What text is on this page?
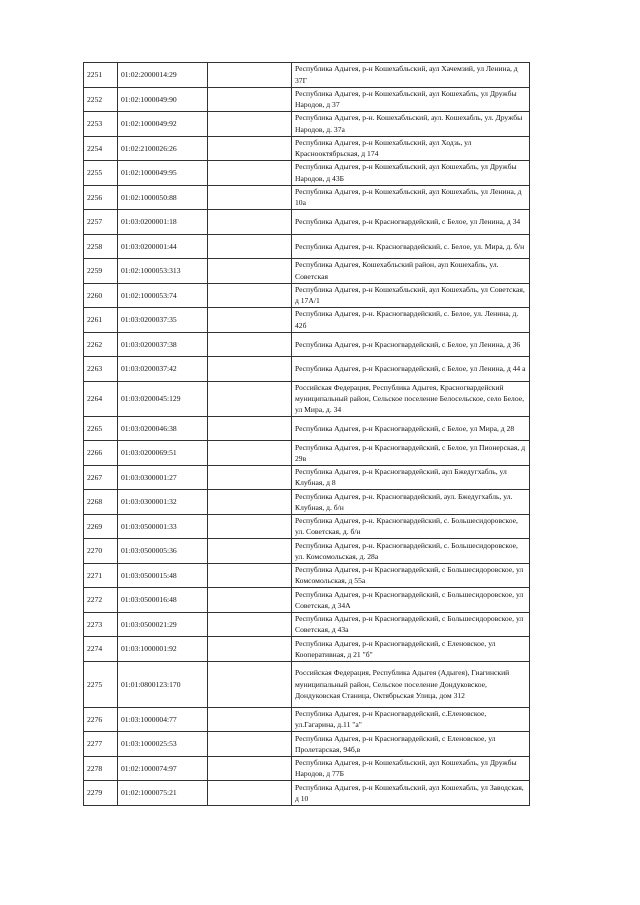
2251	01:02:2000014:29		Республика Адыгея, р-н Кошехабльский, аул Хачемзий, ул Ленина, д 37Г
2252	01:02:1000049:90		Республика Адыгея, р-н Кошехабльский, аул Кошехабль, ул Дружбы Народов, д 37
2253	01:02:1000049:92		Республика Адыгея, р-н. Кошехабльский, аул. Кошехабль, ул. Дружбы Народов, д. 37а
2254	01:02:2100026:26		Республика Адыгея, р-н Кошехабльский, аул Ходзь, ул Красноoктябрьская, д 174
2255	01:02:1000049:95		Республика Адыгея, р-н Кошехабльский, аул Кошехабль, ул Дружбы Народов, д 43Б
2256	01:02:1000050:88		Республика Адыгея, р-н Кошехабльский, аул Кошехабль, ул Ленина, д 10а
2257	01:03:0200001:18		Республика Адыгея, р-н Красногвардейский, с Белое, ул Ленина, д 34
2258	01:03:0200001:44		Республика Адыгея, р-н. Красногвардейский, с. Белое, ул. Мира, д. б/н
2259	01:02:1000053:313		Республика Адыгея, Кошехабльский район, аул Кошехабль, ул. Советская
2260	01:02:1000053:74		Республика Адыгея, р-н Кошехабльский, аул Кошехабль, ул Советская, д 17А/1
2261	01:03:0200037:35		Республика Адыгея, р-н. Красногвардейский, с. Белое, ул. Ленина, д. 42б
2262	01:03:0200037:38		Республика Адыгея, р-н Красногвардейский, с Белое, ул Ленина, д 36
2263	01:03:0200037:42		Республика Адыгея, р-н Красногвардейский, с Белое, ул Ленина, д 44 а
2264	01:03:0200045:129		Российская Федерация, Республика Адыгея, Красногвардейский муниципальный район, Сельское поселение Белосельское, село Белое, ул Мира, д. 34
2265	01:03:0200046:38		Республика Адыгея, р-н Красногвардейский, с Белое, ул Мира, д 28
2266	01:03:0200069:51		Республика Адыгея, р-н Красногвардейский, с Белое, ул Пионерская, д 29в
2267	01:03:0300001:27		Республика Адыгея, р-н Красногвардейский, аул Бжедугхабль, ул Клубная, д 8
2268	01:03:0300001:32		Республика Адыгея, р-н. Красногвардейский, аул. Бжедугхабль, ул. Клубная, д. б/н
2269	01:03:0500001:33		Республика Адыгея, р-н. Красногвардейский, с. Большесидоровское, ул. Советская, д. б/н
2270	01:03:0500005:36		Республика Адыгея, р-н. Красногвардейский, с. Большесидоровское, ул. Комсомольская, д. 28а
2271	01:03:0500015:48		Республика Адыгея, р-н Красногвардейский, с Большесидоровское, ул Комсомольская, д 55а
2272	01:03:0500016:48		Республика Адыгея, р-н Красногвардейский, с Большесидоровское, ул Советская, д 34А
2273	01:03:0500021:29		Республика Адыгея, р-н Красногвардейский, с Большесидоровское, ул Советская, д 43а
2274	01:03:1000001:92		Республика Адыгея, р-н Красногвардейский, с Еленовское, ул Кооперативная, д 21 "б"
2275	01:01:0800123:170		Российская Федерация, Республика Адыгея (Адыгея), Гиагинский муниципальный район, Сельское поселение Дондуковское, Дондуковская Станица, Октябрьская Улица, дом 312
2276	01:03:1000004:77		Республика Адыгея, р-н Красногвардейский, с.Еленовское, ул.Гагарина, д.11 "а"
2277	01:03:1000025:53		Республика Адыгея, р-н Красногвардейский, с Еленовское, ул Пролетарская, 94б,в
2278	01:02:1000074:97		Республика Адыгея, р-н Кошехабльский, аул Кошехабль, ул Дружбы Народов, д 77Б
2279	01:02:1000075:21		Республика Адыгея, р-н Кошехабльский, аул Кошехабль, ул Заводская, д 10
